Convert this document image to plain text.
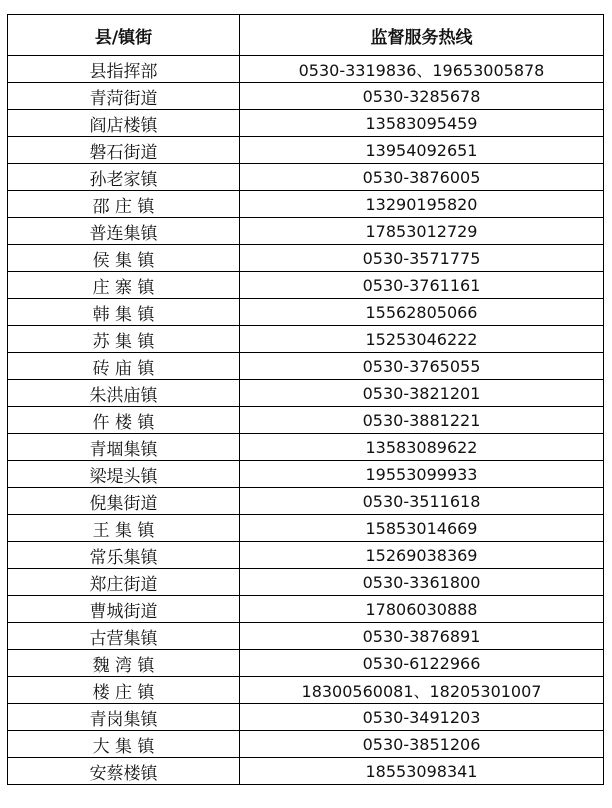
县/镇街	监督服务热线
县指挥部	0530-3319836、19653005878
青菏街道	0530-3285678
阎店楼镇	13583095459
磐石街道	13954092651
孙老家镇	0530-3876005
邵 庄 镇	13290195820
普连集镇	17853012729
侯 集 镇	0530-3571775
庄 寨 镇	0530-3761161
韩 集 镇	15562805066
苏 集 镇	15253046222
砖 庙 镇	0530-3765055
朱洪庙镇	0530-3821201
仵 楼 镇	0530-3881221
青堌集镇	13583089622
梁堤头镇	19553099933
倪集街道	0530-3511618
王 集 镇	15853014669
常乐集镇	15269038369
郑庄街道	0530-3361800
曹城街道	17806030888
古营集镇	0530-3876891
魏 湾 镇	0530-6122966
楼 庄 镇	18300560081、18205301007
青岗集镇	0530-3491203
大 集 镇	0530-3851206
安蔡楼镇	18553098341
